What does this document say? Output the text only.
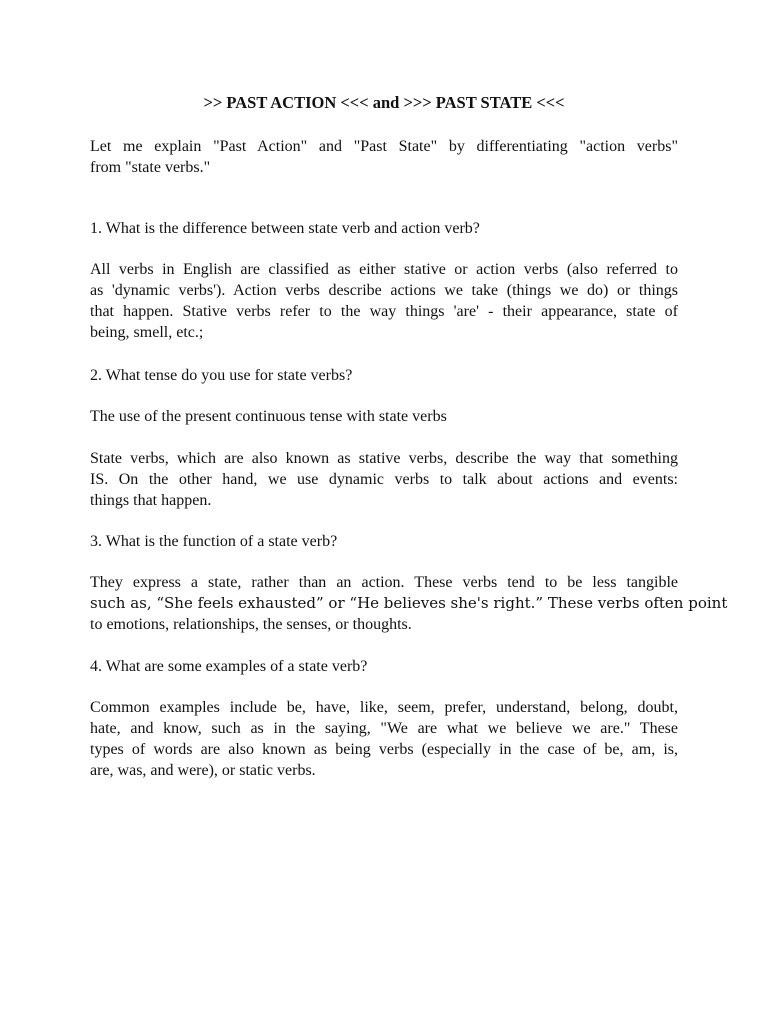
>> PAST ACTION <<< and >>> PAST STATE <<<
Let me explain "Past Action" and "Past State" by differentiating "action verbs"
from "state verbs."
1. What is the difference between state verb and action verb?
All verbs in English are classified as either stative or action verbs (also referred to
as 'dynamic verbs'). Action verbs describe actions we take (things we do) or things
that happen. Stative verbs refer to the way things 'are' - their appearance, state of
being, smell, etc.;
2. What tense do you use for state verbs?
The use of the present continuous tense with state verbs
State verbs, which are also known as stative verbs, describe the way that something
IS. On the other hand, we use dynamic verbs to talk about actions and events:
things that happen.
3. What is the function of a state verb?
They express a state, rather than an action. These verbs tend to be less tangible
such as, “She feels exhausted” or “He believes she's right.” These verbs often point
to emotions, relationships, the senses, or thoughts.
4. What are some examples of a state verb?
Common examples include be, have, like, seem, prefer, understand, belong, doubt,
hate, and know, such as in the saying, "We are what we believe we are." These
types of words are also known as being verbs (especially in the case of be, am, is,
are, was, and were), or static verbs.
